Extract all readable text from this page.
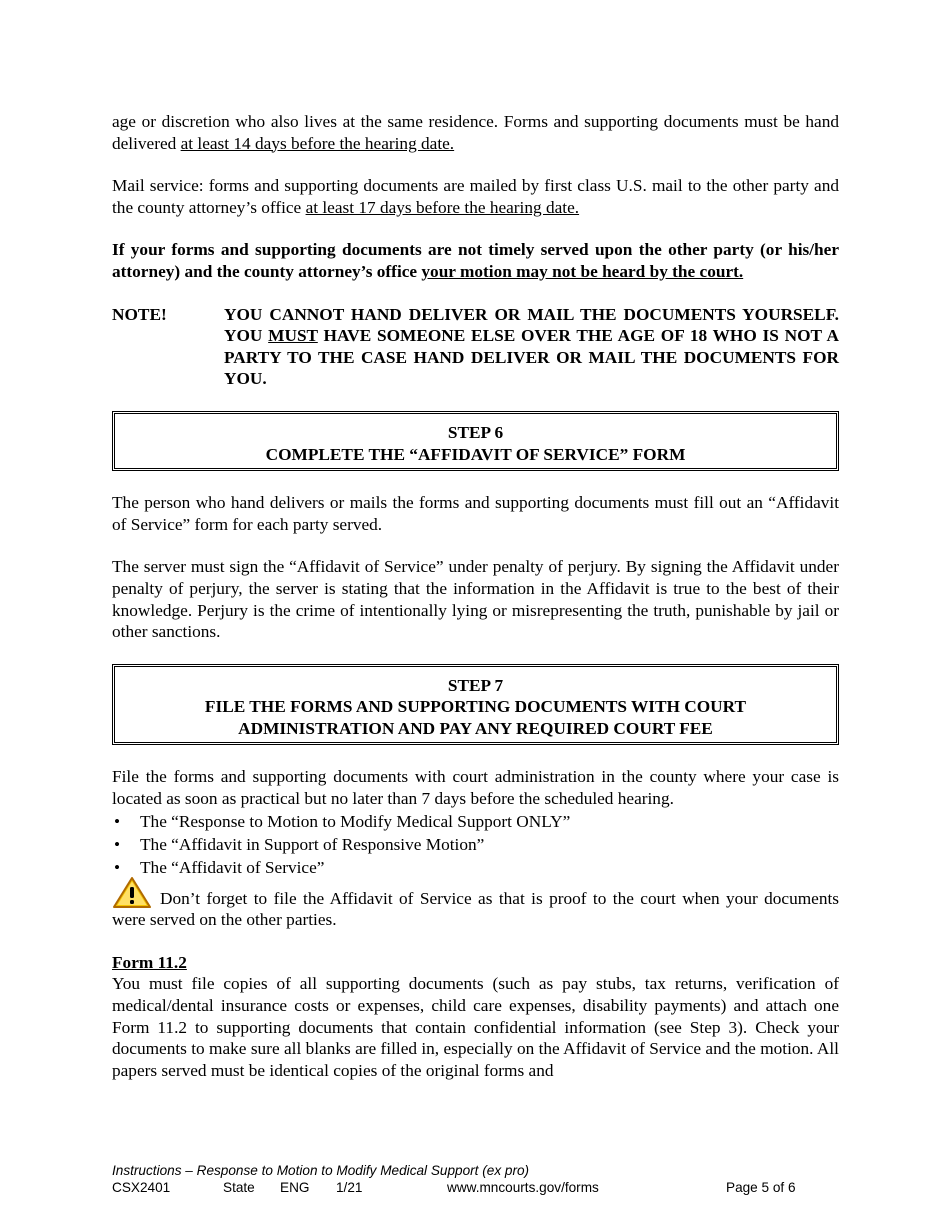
age or discretion who also lives at the same residence. Forms and supporting documents must be hand delivered at least 14 days before the hearing date.

Mail service: forms and supporting documents are mailed by first class U.S. mail to the other party and the county attorney’s office at least 17 days before the hearing date.

If your forms and supporting documents are not timely served upon the other party (or his/her attorney) and the county attorney’s office your motion may not be heard by the court.

NOTE!	YOU CANNOT HAND DELIVER OR MAIL THE DOCUMENTS YOURSELF. YOU MUST HAVE SOMEONE ELSE OVER THE AGE OF 18 WHO IS NOT A PARTY TO THE CASE HAND DELIVER OR MAIL THE DOCUMENTS FOR YOU.
STEP 6
COMPLETE THE “AFFIDAVIT OF SERVICE” FORM

The person who hand delivers or mails the forms and supporting documents must fill out an “Affidavit of Service” form for each party served.

The server must sign the “Affidavit of Service” under penalty of perjury. By signing the Affidavit under penalty of perjury, the server is stating that the information in the Affidavit is true to the best of their knowledge. Perjury is the crime of intentionally lying or misrepresenting the truth, punishable by jail or other sanctions.

STEP 7
FILE THE FORMS AND SUPPORTING DOCUMENTS WITH COURT
ADMINISTRATION AND PAY ANY REQUIRED COURT FEE

File the forms and supporting documents with court administration in the county where your case is located as soon as practical but no later than 7 days before the scheduled hearing.

• The “Response to Motion to Modify Medical Support ONLY”
• The “Affidavit in Support of Responsive Motion”
• The “Affidavit of Service”

Don’t forget to file the Affidavit of Service as that is proof to the court when your documents were served on the other parties.

Form 11.2

You must file copies of all supporting documents (such as pay stubs, tax returns, verification of medical/dental insurance costs or expenses, child care expenses, disability payments) and attach one Form 11.2 to supporting documents that contain confidential information (see Step 3). Check your documents to make sure all blanks are filled in, especially on the Affidavit of Service and the motion. All papers served must be identical copies of the original forms and

Instructions – Response to Motion to Modify Medical Support (ex pro)
CSX2401	State ENG 1/21	www.mncourts.gov/forms	Page 5 of 6
